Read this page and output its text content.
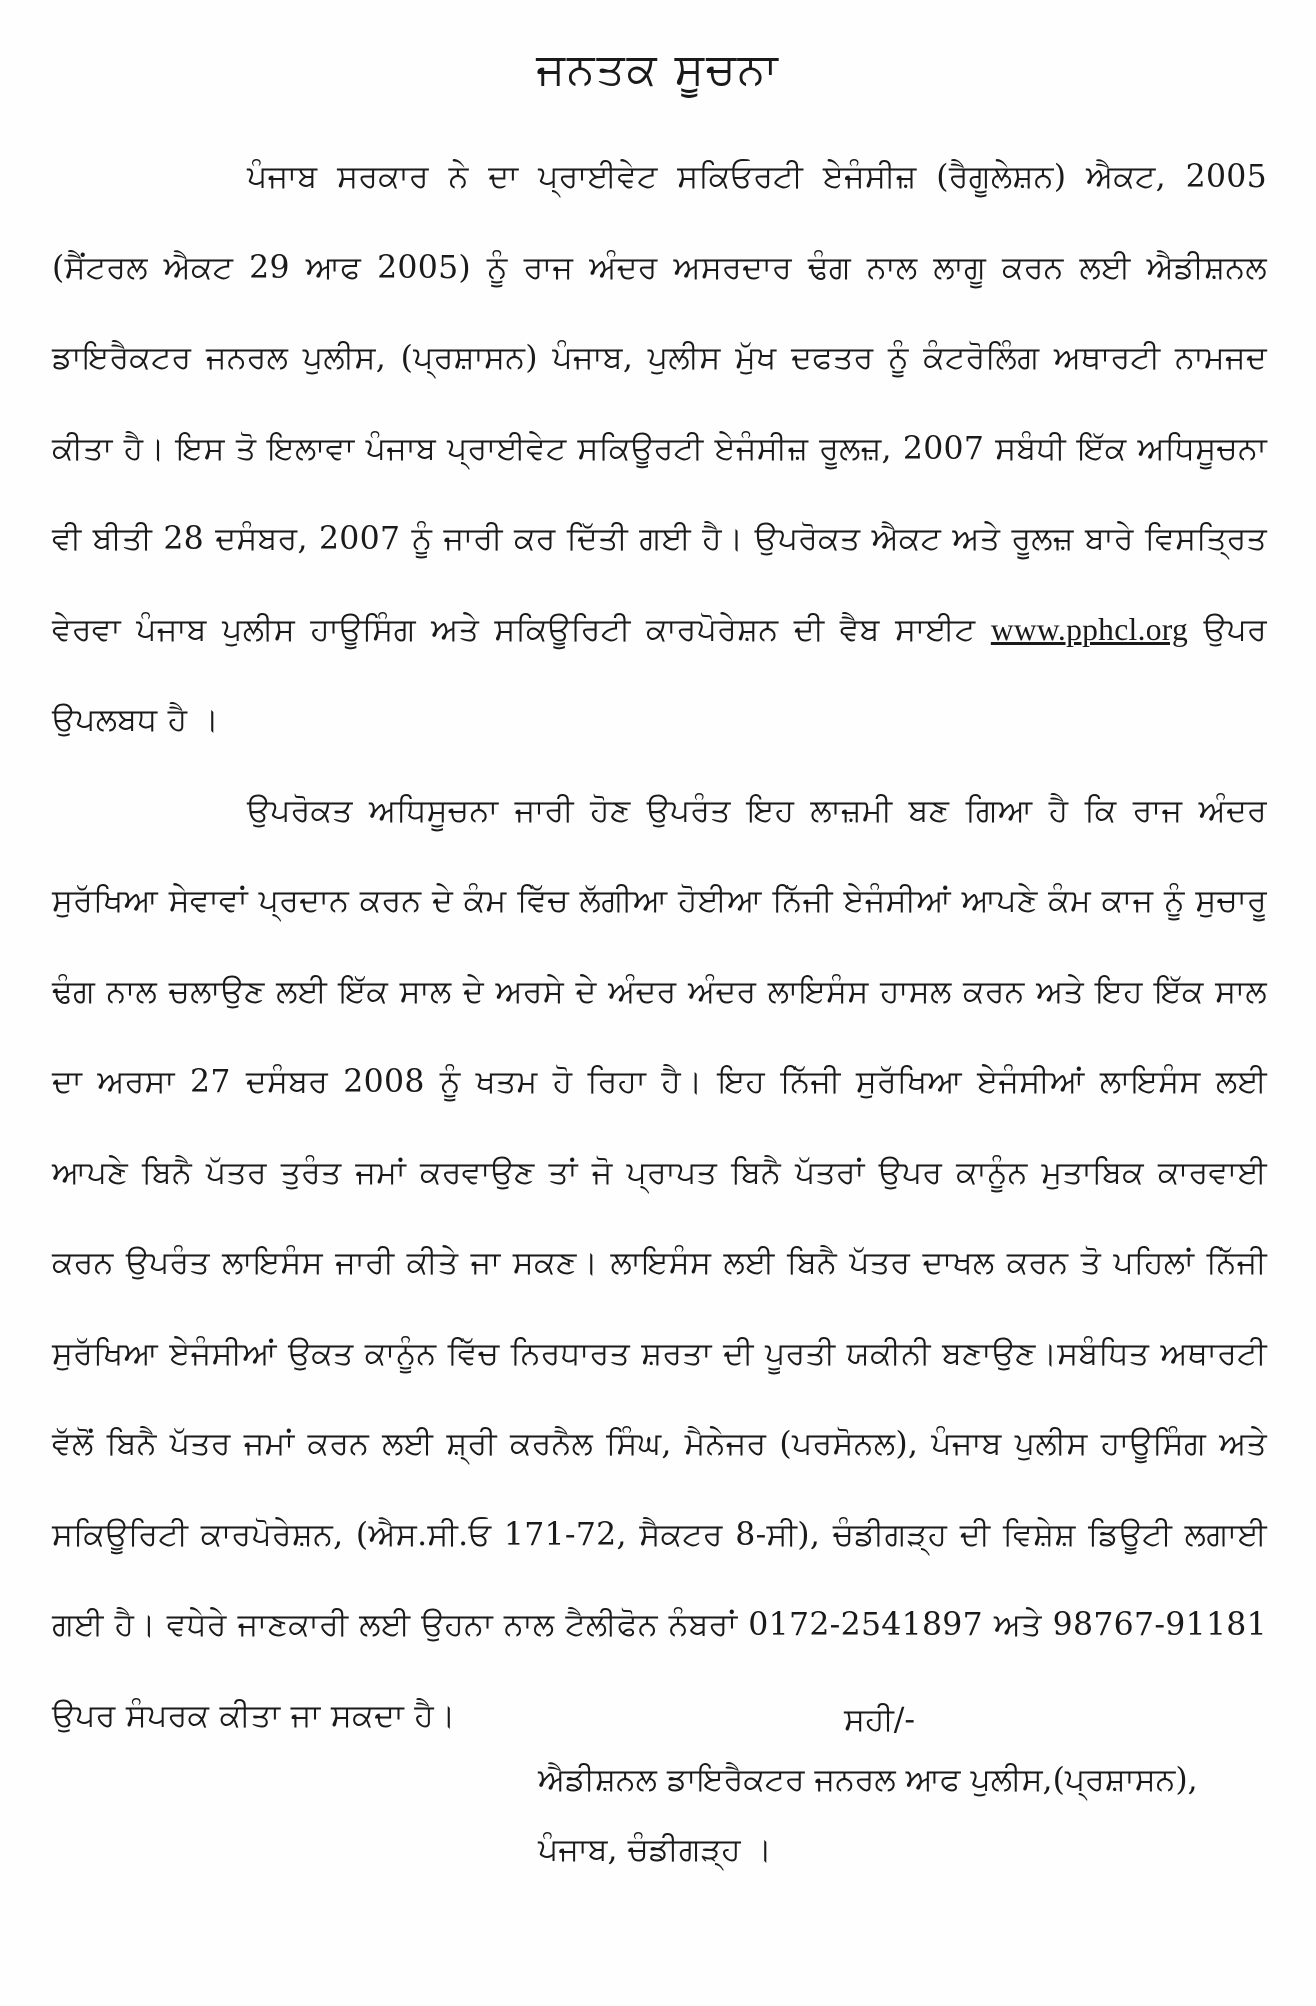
ਜਨਤਕ ਸੂਚਨਾ

ਪੰਜਾਬ ਸਰਕਾਰ ਨੇ ਦਾ ਪ੍ਰਾਈਵੇਟ ਸਕਿਓਰਟੀ ਏਜੰਸੀਜ਼ (ਰੈਗੂਲੇਸ਼ਨ) ਐਕਟ, 2005 (ਸੈਂਟਰਲ ਐਕਟ 29 ਆਫ 2005) ਨੂੰ ਰਾਜ ਅੰਦਰ ਅਸਰਦਾਰ ਢੰਗ ਨਾਲ ਲਾਗੂ ਕਰਨ ਲਈ ਐਡੀਸ਼ਨਲ ਡਾਇਰੈਕਟਰ ਜਨਰਲ ਪੁਲੀਸ, (ਪ੍ਰਸ਼ਾਸਨ) ਪੰਜਾਬ, ਪੁਲੀਸ ਮੁੱਖ ਦਫਤਰ ਨੂੰ ਕੰਟਰੋਲਿੰਗ ਅਥਾਰਟੀ ਨਾਮਜਦ ਕੀਤਾ ਹੈ। ਇਸ ਤੋ ਇਲਾਵਾ ਪੰਜਾਬ ਪ੍ਰਾਈਵੇਟ ਸਕਿਊਰਟੀ ਏਜੰਸੀਜ਼ ਰੂਲਜ਼, 2007 ਸਬੰਧੀ ਇੱਕ ਅਧਿਸੂਚਨਾ ਵੀ ਬੀਤੀ 28 ਦਸੰਬਰ, 2007 ਨੂੰ ਜਾਰੀ ਕਰ ਦਿੱਤੀ ਗਈ ਹੈ। ਉਪਰੋਕਤ ਐਕਟ ਅਤੇ ਰੂਲਜ਼ ਬਾਰੇ ਵਿਸਤ੍ਰਿਤ ਵੇਰਵਾ ਪੰਜਾਬ ਪੁਲੀਸ ਹਾਊਸਿੰਗ ਅਤੇ ਸਕਿਊਰਿਟੀ ਕਾਰਪੋਰੇਸ਼ਨ ਦੀ ਵੈਬ ਸਾਈਟ www.pphcl.org ਉਪਰ ਉਪਲਬਧ ਹੈ ।

ਉਪਰੋਕਤ ਅਧਿਸੂਚਨਾ ਜਾਰੀ ਹੋਣ ਉਪਰੰਤ ਇਹ ਲਾਜ਼ਮੀ ਬਣ ਗਿਆ ਹੈ ਕਿ ਰਾਜ ਅੰਦਰ ਸੁਰੱਖਿਆ ਸੇਵਾਵਾਂ ਪ੍ਰਦਾਨ ਕਰਨ ਦੇ ਕੰਮ ਵਿੱਚ ਲੱਗੀਆ ਹੋਈਆ ਨਿੱਜੀ ਏਜੰਸੀਆਂ ਆਪਣੇ ਕੰਮ ਕਾਜ ਨੂੰ ਸੁਚਾਰੂ ਢੰਗ ਨਾਲ ਚਲਾਉਣ ਲਈ ਇੱਕ ਸਾਲ ਦੇ ਅਰਸੇ ਦੇ ਅੰਦਰ ਅੰਦਰ ਲਾਇਸੰਸ ਹਾਸਲ ਕਰਨ ਅਤੇ ਇਹ ਇੱਕ ਸਾਲ ਦਾ ਅਰਸਾ 27 ਦਸੰਬਰ 2008 ਨੂੰ ਖਤਮ ਹੋ ਰਿਹਾ ਹੈ। ਇਹ ਨਿੱਜੀ ਸੁਰੱਖਿਆ ਏਜੰਸੀਆਂ ਲਾਇਸੰਸ ਲਈ ਆਪਣੇ ਬਿਨੈ ਪੱਤਰ ਤੁਰੰਤ ਜਮਾਂ ਕਰਵਾਉਣ ਤਾਂ ਜੋ ਪ੍ਰਾਪਤ ਬਿਨੈ ਪੱਤਰਾਂ ਉਪਰ ਕਾਨੂੰਨ ਮੁਤਾਬਿਕ ਕਾਰਵਾਈ ਕਰਨ ਉਪਰੰਤ ਲਾਇਸੰਸ ਜਾਰੀ ਕੀਤੇ ਜਾ ਸਕਣ। ਲਾਇਸੰਸ ਲਈ ਬਿਨੈ ਪੱਤਰ ਦਾਖਲ ਕਰਨ ਤੋ ਪਹਿਲਾਂ ਨਿੱਜੀ ਸੁਰੱਖਿਆ ਏਜੰਸੀਆਂ ਉਕਤ ਕਾਨੂੰਨ ਵਿੱਚ ਨਿਰਧਾਰਤ ਸ਼ਰਤਾ ਦੀ ਪੂਰਤੀ ਯਕੀਨੀ ਬਣਾਉਣ।ਸਬੰਧਿਤ ਅਥਾਰਟੀ ਵੱਲੋਂ ਬਿਨੈ ਪੱਤਰ ਜਮਾਂ ਕਰਨ ਲਈ ਸ਼੍ਰੀ ਕਰਨੈਲ ਸਿੰਘ, ਮੈਨੇਜਰ (ਪਰਸੋਨਲ), ਪੰਜਾਬ ਪੁਲੀਸ ਹਾਊਸਿੰਗ ਅਤੇ ਸਕਿਊਰਿਟੀ ਕਾਰਪੋਰੇਸ਼ਨ, (ਐਸ.ਸੀ.ਓ 171-72, ਸੈਕਟਰ 8-ਸੀ), ਚੰਡੀਗੜ੍ਹ ਦੀ ਵਿਸ਼ੇਸ਼ ਡਿਊਟੀ ਲਗਾਈ ਗਈ ਹੈ। ਵਧੇਰੇ ਜਾਣਕਾਰੀ ਲਈ ਉਹਨਾ ਨਾਲ ਟੈਲੀਫੋਨ ਨੰਬਰਾਂ 0172-2541897 ਅਤੇ 98767-91181 ਉਪਰ ਸੰਪਰਕ ਕੀਤਾ ਜਾ ਸਕਦਾ ਹੈ।	ਸਹੀ/-
ਐਡੀਸ਼ਨਲ ਡਾਇਰੈਕਟਰ ਜਨਰਲ ਆਫ ਪੁਲੀਸ,(ਪ੍ਰਸ਼ਾਸਨ),
ਪੰਜਾਬ, ਚੰਡੀਗੜ੍ਹ ।
